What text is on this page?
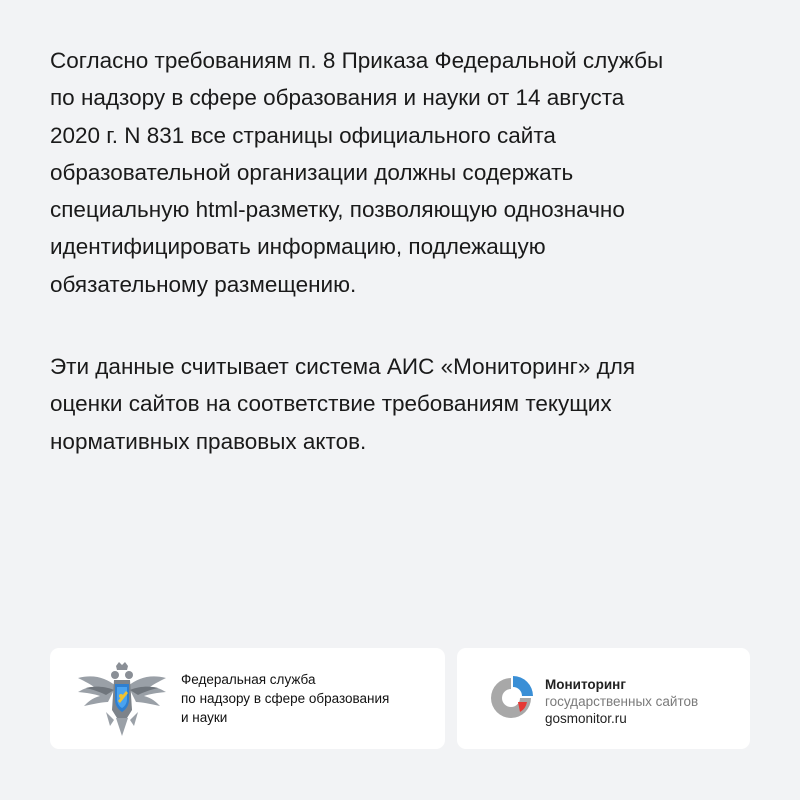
Согласно требованиям п. 8 Приказа Федеральной службы
по надзору в сфере образования и науки от 14 августа
2020 г. N 831 все страницы официального сайта
образовательной организации должны содержать
специальную html-разметку, позволяющую однозначно
идентифицировать информацию, подлежащую
обязательному размещению.
Эти данные считывает система АИС «Мониторинг» для
оценки сайтов на соответствие требованиям текущих
нормативных правовых актов.
Федеральная служба
по надзору в сфере образования
и науки
Мониторинг
государственных сайтов
gosmonitor.ru
